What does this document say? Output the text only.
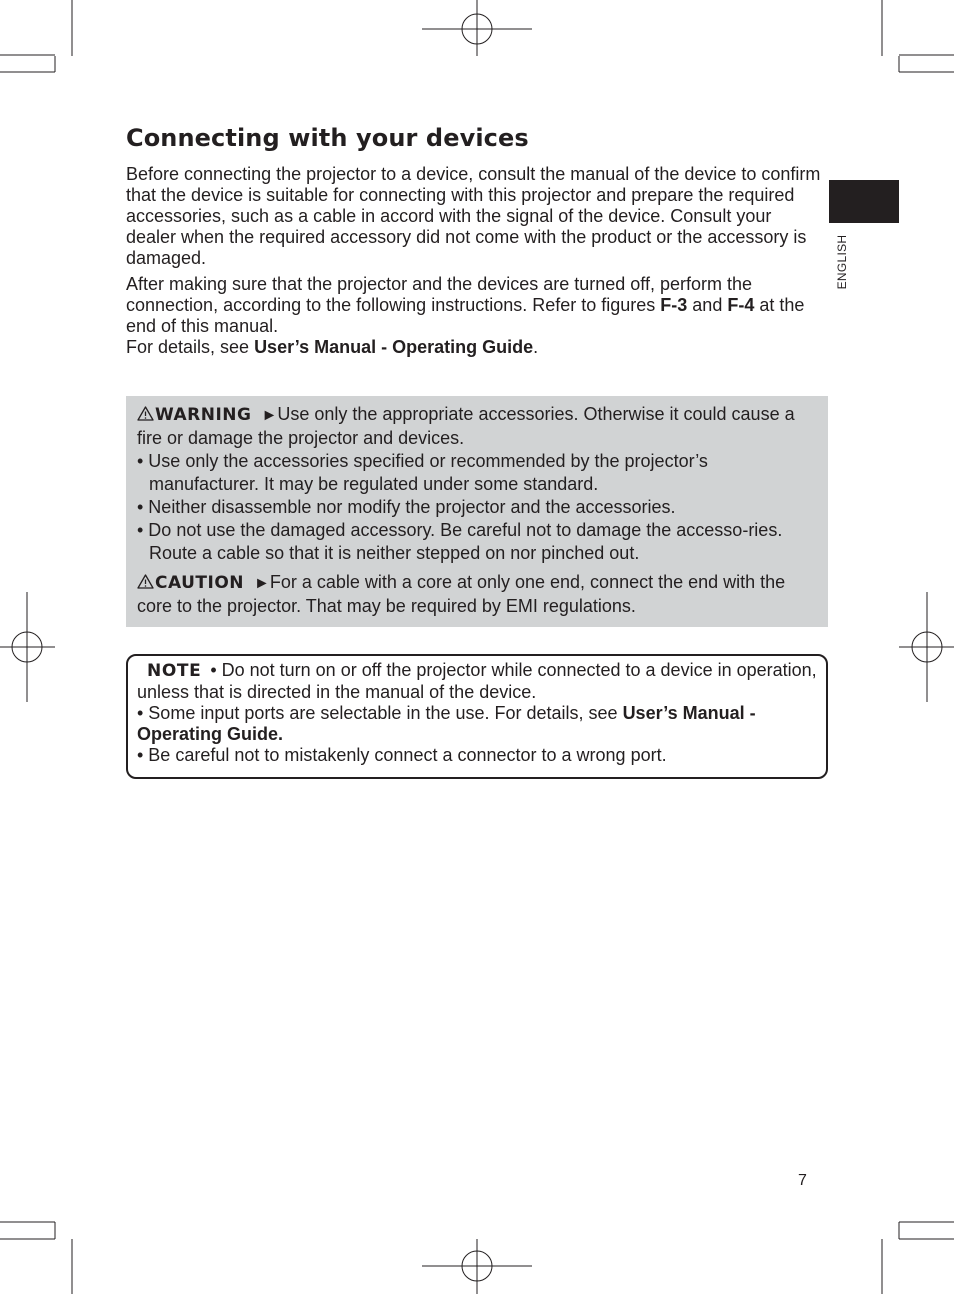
Connecting with your devices
ENGLISH

Before connecting the projector to a device, consult the manual of the device to confirm that the device is suitable for connecting with this projector and prepare the required accessories, such as a cable in accord with the signal of the device. Consult your dealer when the required accessory did not come with the product or the accessory is damaged.

After making sure that the projector and the devices are turned off, perform the connection, according to the following instructions. Refer to figures F-3 and F-4 at the end of this manual.

For details, see User’s Manual - Operating Guide.

WARNING ►Use only the appropriate accessories. Otherwise it could cause a fire or damage the projector and devices.

• Use only the accessories specified or recommended by the projector’s manufacturer. It may be regulated under some standard.

• Neither disassemble nor modify the projector and the accessories.

• Do not use the damaged accessory. Be careful not to damage the accesso-ries. Route a cable so that it is neither stepped on nor pinched out.

CAUTION ►For a cable with a core at only one end, connect the end with the core to the projector. That may be required by EMI regulations.

NOTE • Do not turn on or off the projector while connected to a device in operation, unless that is directed in the manual of the device.

• Some input ports are selectable in the use. For details, see User’s Manual - Operating Guide.

• Be careful not to mistakenly connect a connector to a wrong port.

7
